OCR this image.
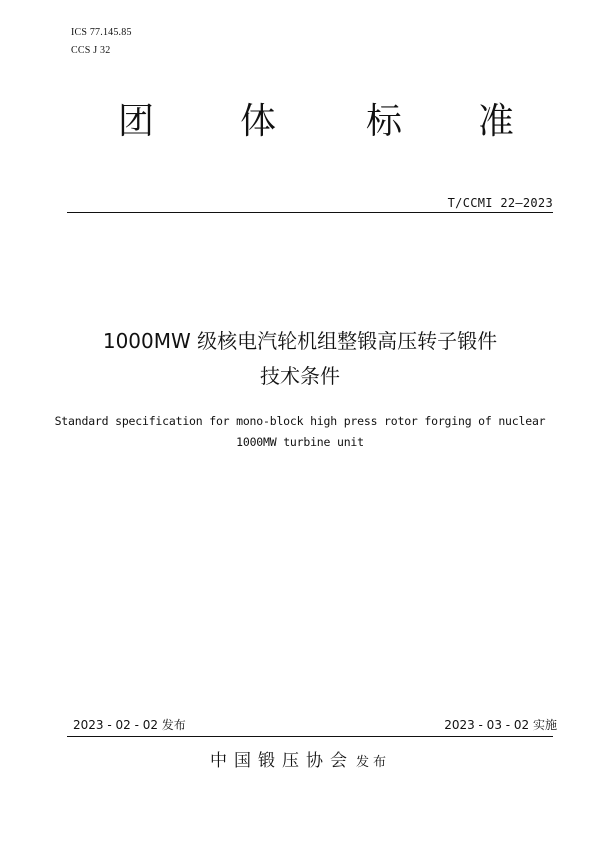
ICS 77.145.85
CCS J 32
团 体 标 准
T/CCMI 22—2023
1000MW 级核电汽轮机组整锻高压转子锻件
技术条件
Standard specification for mono-block high press rotor forging of nuclear
1000MW turbine unit
2023 - 02 - 02 发布	2023 - 03 - 02 实施
中国锻压协会 发布
